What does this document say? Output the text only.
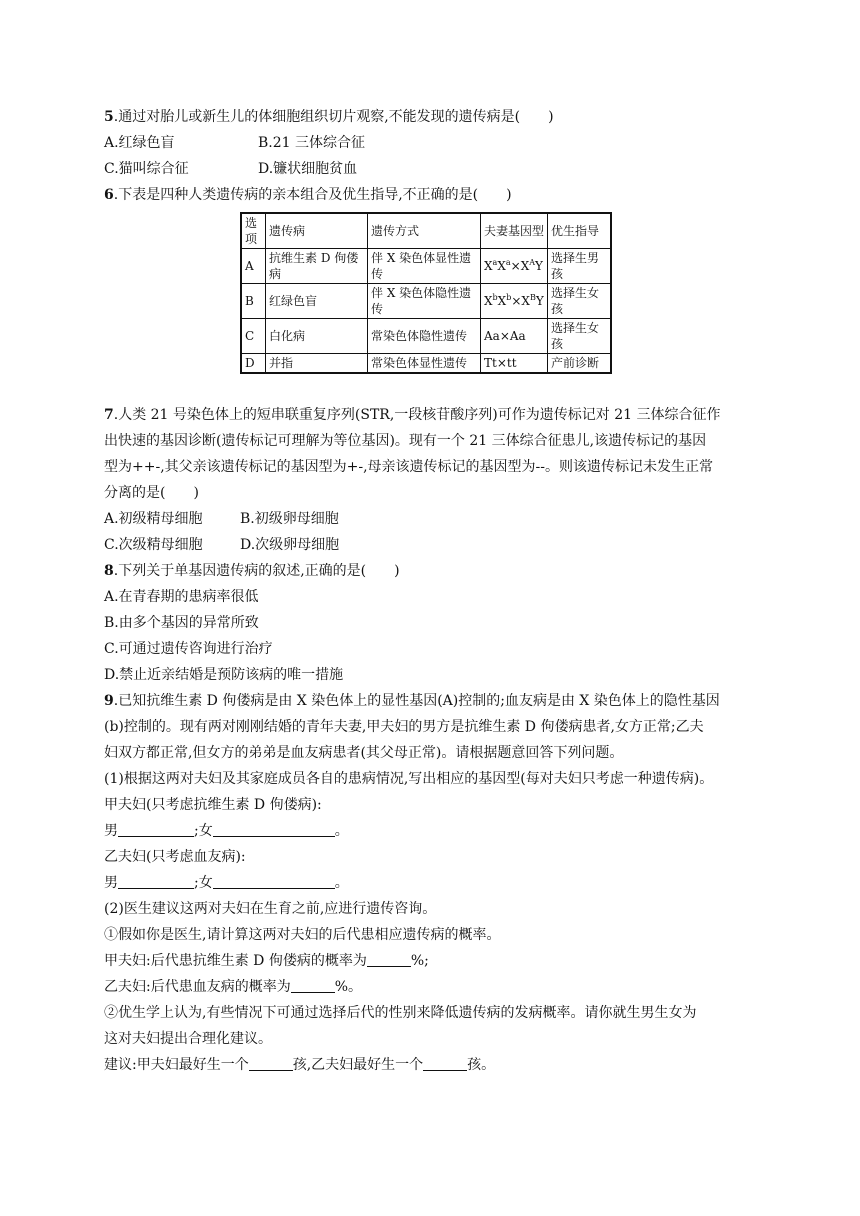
5.通过对胎儿或新生儿的体细胞组织切片观察,不能发现的遗传病是(　　)
A.红绿色盲	B.21 三体综合征
C.猫叫综合征	D.镰状细胞贫血
6.下表是四种人类遗传病的亲本组合及优生指导,不正确的是(　　)
选项	遗传病	遗传方式	夫妻基因型	优生指导
A	抗维生素 D 佝偻病	伴 X 染色体显性遗传	$X^aX^a\times X^AY$	选择生男孩
B	红绿色盲	伴 X 染色体隐性遗传	$X^bX^b\times X^BY$	选择生女孩
C	白化病	常染色体隐性遗传	Aa×Aa	选择生女孩
D	并指	常染色体显性遗传	Tt×tt	产前诊断
7.人类 21 号染色体上的短串联重复序列(STR,一段核苷酸序列)可作为遗传标记对 21 三体综合征作
出快速的基因诊断(遗传标记可理解为等位基因)。现有一个 21 三体综合征患儿,该遗传标记的基因
型为++-,其父亲该遗传标记的基因型为+-,母亲该遗传标记的基因型为--。则该遗传标记未发生正常
分离的是(　　)
A.初级精母细胞	B.初级卵母细胞
C.次级精母细胞	D.次级卵母细胞
8.下列关于单基因遗传病的叙述,正确的是(　　)
A.在青春期的患病率很低
B.由多个基因的异常所致
C.可通过遗传咨询进行治疗
D.禁止近亲结婚是预防该病的唯一措施
9.已知抗维生素 D 佝偻病是由 X 染色体上的显性基因(A)控制的;血友病是由 X 染色体上的隐性基因
(b)控制的。现有两对刚刚结婚的青年夫妻,甲夫妇的男方是抗维生素 D 佝偻病患者,女方正常;乙夫
妇双方都正常,但女方的弟弟是血友病患者(其父母正常)。请根据题意回答下列问题。
(1)根据这两对夫妇及其家庭成员各自的患病情况,写出相应的基因型(每对夫妇只考虑一种遗传病)。
甲夫妇(只考虑抗维生素 D 佝偻病):
男	;女	。
乙夫妇(只考虑血友病):
男	;女	。
(2)医生建议这两对夫妇在生育之前,应进行遗传咨询。
①假如你是医生,请计算这两对夫妇的后代患相应遗传病的概率。
甲夫妇:后代患抗维生素 D 佝偻病的概率为	%;
乙夫妇:后代患血友病的概率为	%。
②优生学上认为,有些情况下可通过选择后代的性别来降低遗传病的发病概率。请你就生男生女为
这对夫妇提出合理化建议。
建议:甲夫妇最好生一个	孩,乙夫妇最好生一个	孩。
